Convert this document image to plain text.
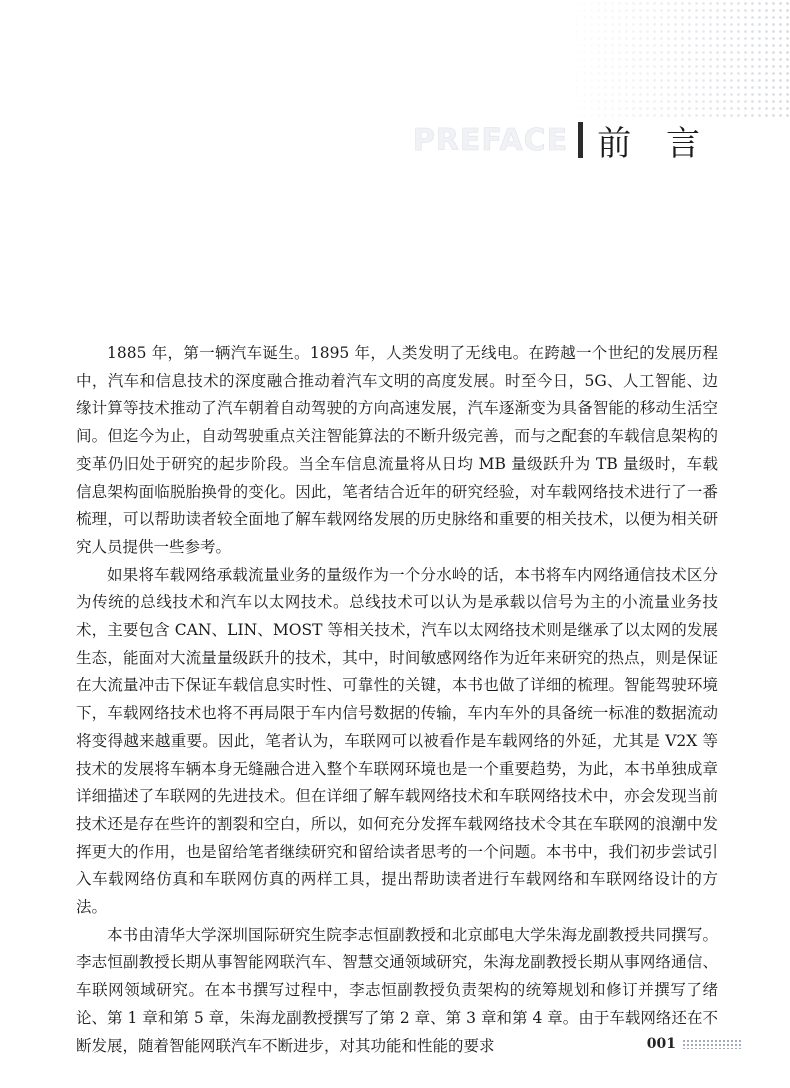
PREFACE 前 言

1885 年，第一辆汽车诞生。1895 年，人类发明了无线电。在跨越一个世纪的发展历程中，汽车和信息技术的深度融合推动着汽车文明的高度发展。时至今日，5G、人工智能、边缘计算等技术推动了汽车朝着自动驾驶的方向高速发展，汽车逐渐变为具备智能的移动生活空间。但迄今为止，自动驾驶重点关注智能算法的不断升级完善，而与之配套的车载信息架构的变革仍旧处于研究的起步阶段。当全车信息流量将从日均 MB 量级跃升为 TB 量级时，车载信息架构面临脱胎换骨的变化。因此，笔者结合近年的研究经验，对车载网络技术进行了一番梳理，可以帮助读者较全面地了解车载网络发展的历史脉络和重要的相关技术，以便为相关研究人员提供一些参考。

如果将车载网络承载流量业务的量级作为一个分水岭的话，本书将车内网络通信技术区分为传统的总线技术和汽车以太网技术。总线技术可以认为是承载以信号为主的小流量业务技术，主要包含 CAN、LIN、MOST 等相关技术，汽车以太网络技术则是继承了以太网的发展生态，能面对大流量量级跃升的技术，其中，时间敏感网络作为近年来研究的热点，则是保证在大流量冲击下保证车载信息实时性、可靠性的关键，本书也做了详细的梳理。智能驾驶环境下，车载网络技术也将不再局限于车内信号数据的传输，车内车外的具备统一标准的数据流动将变得越来越重要。因此，笔者认为，车联网可以被看作是车载网络的外延，尤其是 V2X 等技术的发展将车辆本身无缝融合进入整个车联网环境也是一个重要趋势，为此，本书单独成章详细描述了车联网的先进技术。但在详细了解车载网络技术和车联网络技术中，亦会发现当前技术还是存在些许的割裂和空白，所以，如何充分发挥车载网络技术令其在车联网的浪潮中发挥更大的作用，也是留给笔者继续研究和留给读者思考的一个问题。本书中，我们初步尝试引入车载网络仿真和车联网仿真的两样工具，提出帮助读者进行车载网络和车联网络设计的方法。

本书由清华大学深圳国际研究生院李志恒副教授和北京邮电大学朱海龙副教授共同撰写。李志恒副教授长期从事智能网联汽车、智慧交通领域研究，朱海龙副教授长期从事网络通信、车联网领域研究。在本书撰写过程中，李志恒副教授负责架构的统筹规划和修订并撰写了绪论、第 1 章和第 5 章，朱海龙副教授撰写了第 2 章、第 3 章和第 4 章。由于车载网络还在不断发展，随着智能网联汽车不断进步，对其功能和性能的要求	001
